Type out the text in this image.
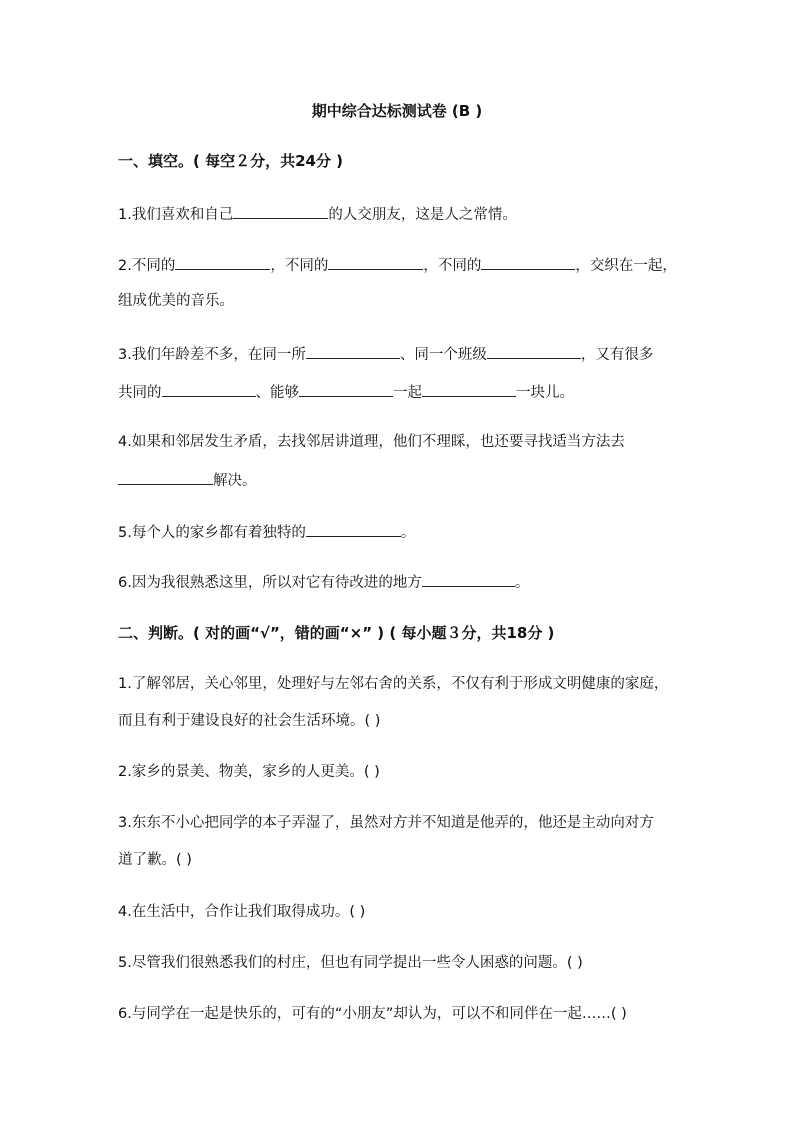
期中综合达标测试卷 (B )
一、填空。( 每空２分，共24分 )
1.我们喜欢和自己	的人交朋友，这是人之常情。
2.不同的	，不同的	，不同的	，交织在一起，
组成优美的音乐。
3.我们年龄差不多，在同一所	、同一个班级	，又有很多
共同的	、能够	一起	一块儿。
4.如果和邻居发生矛盾，去找邻居讲道理，他们不理睬，也还要寻找适当方法去
解决。
5.每个人的家乡都有着独特的	。
6.因为我很熟悉这里，所以对它有待改进的地方	。
二、判断。( 对的画“√”，错的画“×” ) ( 每小题３分，共18分 )
1.了解邻居，关心邻里，处理好与左邻右舍的关系，不仅有利于形成文明健康的家庭，
而且有利于建设良好的社会生活环境。( )
2.家乡的景美、物美，家乡的人更美。( )
3.东东不小心把同学的本子弄湿了，虽然对方并不知道是他弄的，他还是主动向对方
道了歉。( )
4.在生活中，合作让我们取得成功。( )
5.尽管我们很熟悉我们的村庄，但也有同学提出一些令人困惑的问题。( )
6.与同学在一起是快乐的，可有的“小朋友”却认为，可以不和同伴在一起……( )
